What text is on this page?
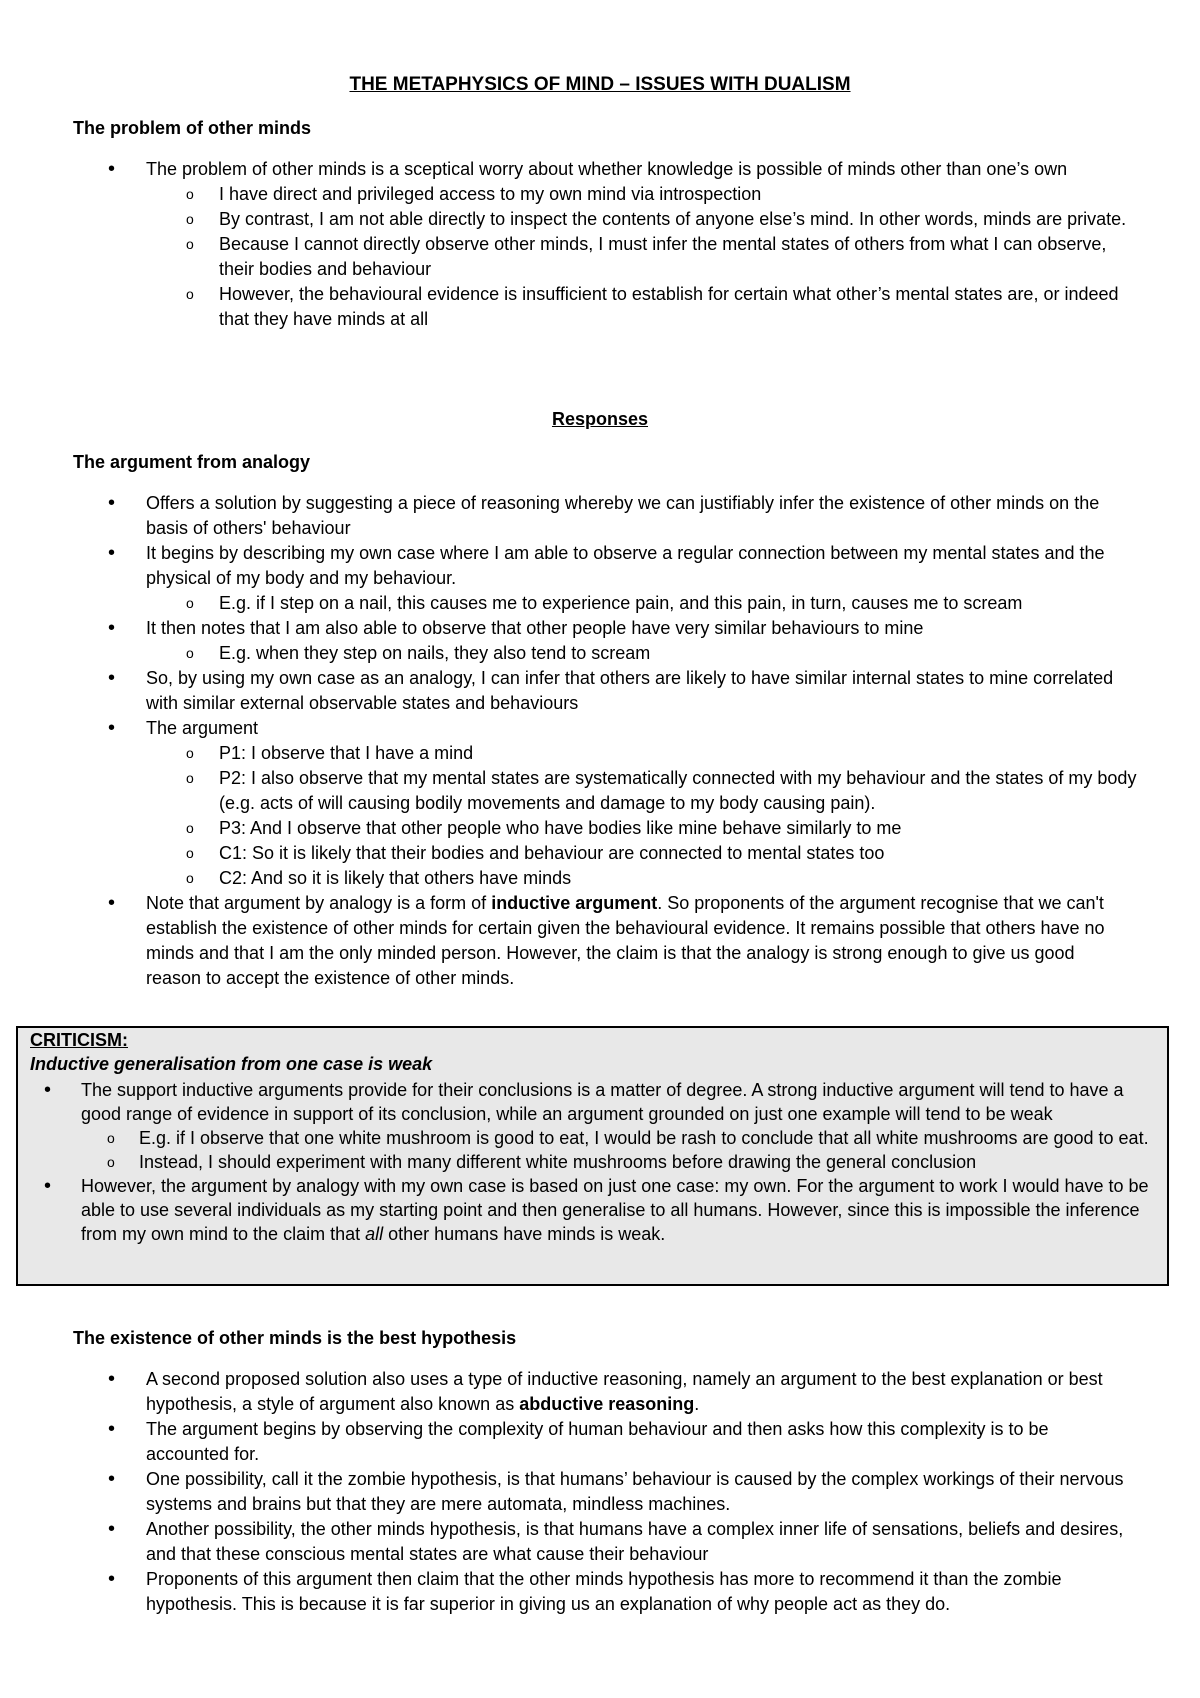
THE METAPHYSICS OF MIND – ISSUES WITH DUALISM
The problem of other minds
• The problem of other minds is a sceptical worry about whether knowledge is possible of minds other than one’s own
o I have direct and privileged access to my own mind via introspection
o By contrast, I am not able directly to inspect the contents of anyone else’s mind. In other words, minds are private.
o Because I cannot directly observe other minds, I must infer the mental states of others from what I can observe, their bodies and behaviour
o However, the behavioural evidence is insufficient to establish for certain what other’s mental states are, or indeed that they have minds at all
Responses
The argument from analogy
• Offers a solution by suggesting a piece of reasoning whereby we can justifiably infer the existence of other minds on the basis of others' behaviour
• It begins by describing my own case where I am able to observe a regular connection between my mental states and the physical of my body and my behaviour.
o E.g. if I step on a nail, this causes me to experience pain, and this pain, in turn, causes me to scream
• It then notes that I am also able to observe that other people have very similar behaviours to mine
o E.g. when they step on nails, they also tend to scream
• So, by using my own case as an analogy, I can infer that others are likely to have similar internal states to mine correlated with similar external observable states and behaviours
• The argument
o P1: I observe that I have a mind
o P2: I also observe that my mental states are systematically connected with my behaviour and the states of my body (e.g. acts of will causing bodily movements and damage to my body causing pain).
o P3: And I observe that other people who have bodies like mine behave similarly to me
o C1: So it is likely that their bodies and behaviour are connected to mental states too
o C2: And so it is likely that others have minds
• Note that argument by analogy is a form of inductive argument. So proponents of the argument recognise that we can't establish the existence of other minds for certain given the behavioural evidence. It remains possible that others have no minds and that I am the only minded person. However, the claim is that the analogy is strong enough to give us good reason to accept the existence of other minds.
CRITICISM:
Inductive generalisation from one case is weak
• The support inductive arguments provide for their conclusions is a matter of degree. A strong inductive argument will tend to have a good range of evidence in support of its conclusion, while an argument grounded on just one example will tend to be weak
o E.g. if I observe that one white mushroom is good to eat, I would be rash to conclude that all white mushrooms are good to eat.
o Instead, I should experiment with many different white mushrooms before drawing the general conclusion
• However, the argument by analogy with my own case is based on just one case: my own. For the argument to work I would have to be able to use several individuals as my starting point and then generalise to all humans. However, since this is impossible the inference from my own mind to the claim that all other humans have minds is weak.
The existence of other minds is the best hypothesis
• A second proposed solution also uses a type of inductive reasoning, namely an argument to the best explanation or best hypothesis, a style of argument also known as abductive reasoning.
• The argument begins by observing the complexity of human behaviour and then asks how this complexity is to be accounted for.
• One possibility, call it the zombie hypothesis, is that humans’ behaviour is caused by the complex workings of their nervous systems and brains but that they are mere automata, mindless machines.
• Another possibility, the other minds hypothesis, is that humans have a complex inner life of sensations, beliefs and desires, and that these conscious mental states are what cause their behaviour
• Proponents of this argument then claim that the other minds hypothesis has more to recommend it than the zombie hypothesis. This is because it is far superior in giving us an explanation of why people act as they do.
